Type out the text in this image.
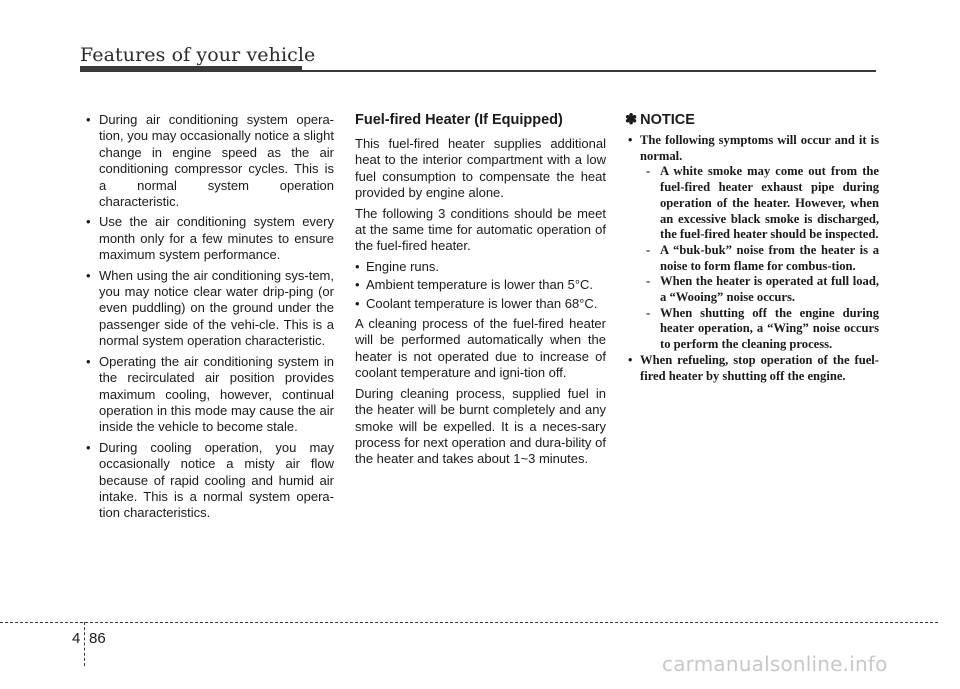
Features of your vehicle
• During air conditioning system opera-tion, you may occasionally notice a slight change in engine speed as the air conditioning compressor cycles. This is a normal system operation characteristic.
• Use the air conditioning system every month only for a few minutes to ensure maximum system performance.
• When using the air conditioning sys-tem, you may notice clear water drip-ping (or even puddling) on the ground under the passenger side of the vehi-cle. This is a normal system operation characteristic.
• Operating the air conditioning system in the recirculated air position provides maximum cooling, however, continual operation in this mode may cause the air inside the vehicle to become stale.
• During cooling operation, you may occasionally notice a misty air flow because of rapid cooling and humid air intake. This is a normal system opera-tion characteristics.
Fuel-fired Heater (If Equipped)

This fuel-fired heater supplies additional heat to the interior compartment with a low fuel consumption to compensate the heat provided by engine alone.

The following 3 conditions should be meet at the same time for automatic operation of the fuel-fired heater.

• Engine runs.
• Ambient temperature is lower than 5°C.
• Coolant temperature is lower than 68°C.

A cleaning process of the fuel-fired heater will be performed automatically when the heater is not operated due to increase of coolant temperature and igni-tion off.

During cleaning process, supplied fuel in the heater will be burnt completely and any smoke will be expelled. It is a neces-sary process for next operation and dura-bility of the heater and takes about 1~3 minutes.

✽ NOTICE
• The following symptoms will occur and it is normal.
- A white smoke may come out from the fuel-fired heater exhaust pipe during operation of the heater. However, when an excessive black smoke is discharged, the fuel-fired heater should be inspected.
- A “buk-buk” noise from the heater is a noise to form flame for combus-tion.
- When the heater is operated at full load, a “Wooing” noise occurs.
- When shutting off the engine during heater operation, a “Wing” noise occurs to perform the cleaning process.
• When refueling, stop operation of the fuel-fired heater by shutting off the engine.
4 86
carmanualsonline.info
